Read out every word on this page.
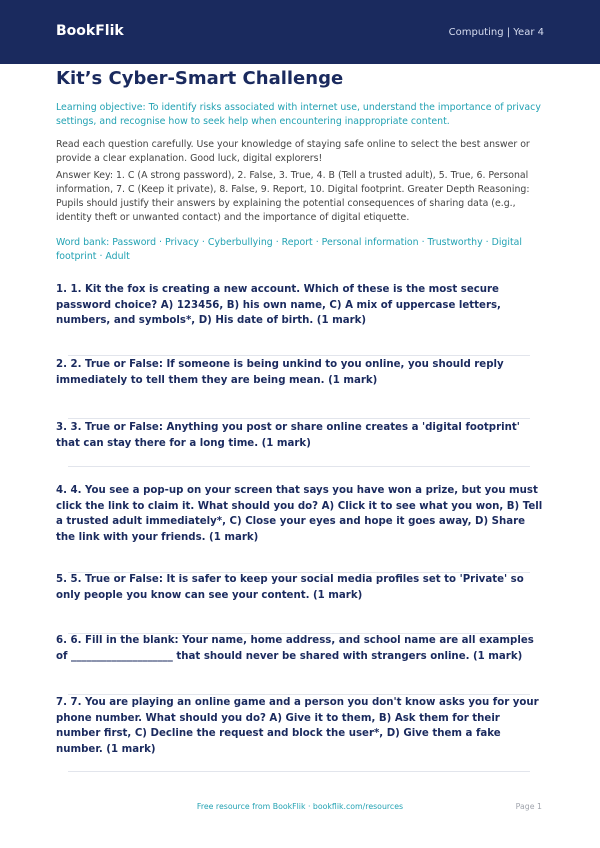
BookFlik	Computing | Year 4
Kit’s Cyber-Smart Challenge
Learning objective: To identify risks associated with internet use, understand the importance of privacy settings, and recognise how to seek help when encountering inappropriate content.
Read each question carefully. Use your knowledge of staying safe online to select the best answer or provide a clear explanation. Good luck, digital explorers!
Answer Key: 1. C (A strong password), 2. False, 3. True, 4. B (Tell a trusted adult), 5. True, 6. Personal information, 7. C (Keep it private), 8. False, 9. Report, 10. Digital footprint. Greater Depth Reasoning: Pupils should justify their answers by explaining the potential consequences of sharing data (e.g., identity theft or unwanted contact) and the importance of digital etiquette.
Word bank: Password · Privacy · Cyberbullying · Report · Personal information · Trustworthy · Digital footprint · Adult
1. 1. Kit the fox is creating a new account. Which of these is the most secure password choice? A) 123456, B) his own name, C) A mix of uppercase letters, numbers, and symbols*, D) His date of birth. (1 mark)
2. 2. True or False: If someone is being unkind to you online, you should reply immediately to tell them they are being mean. (1 mark)
3. 3. True or False: Anything you post or share online creates a 'digital footprint' that can stay there for a long time. (1 mark)
4. 4. You see a pop-up on your screen that says you have won a prize, but you must click the link to claim it. What should you do? A) Click it to see what you won, B) Tell a trusted adult immediately*, C) Close your eyes and hope it goes away, D) Share the link with your friends. (1 mark)
5. 5. True or False: It is safer to keep your social media profiles set to 'Private' so only people you know can see your content. (1 mark)
6. 6. Fill in the blank: Your name, home address, and school name are all examples of ____________________ that should never be shared with strangers online. (1 mark)
7. 7. You are playing an online game and a person you don't know asks you for your phone number. What should you do? A) Give it to them, B) Ask them for their number first, C) Decline the request and block the user*, D) Give them a fake number. (1 mark)
Free resource from BookFlik · bookflik.com/resources	Page 1
